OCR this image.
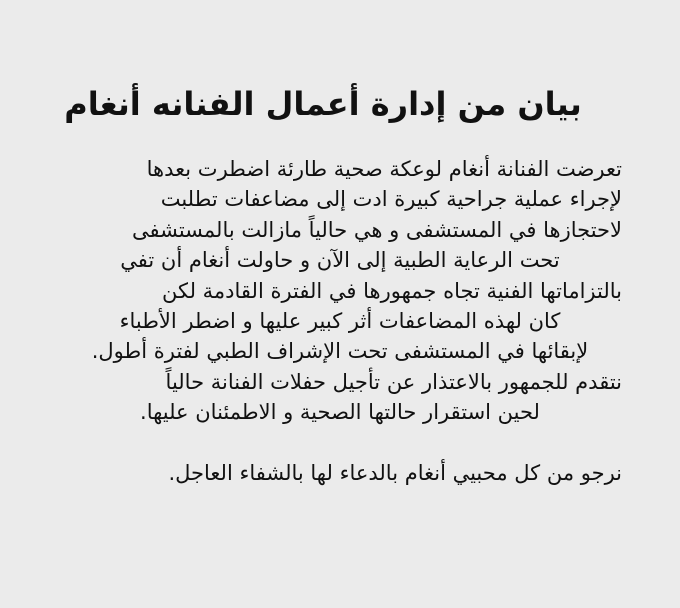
بيان من إدارة أعمال الفنانه أنغام
تعرضت الفنانة أنغام لوعكة صحية طارئة اضطرت بعدها
لإجراء عملية جراحية كبيرة ادت إلى مضاعفات تطلبت
لاحتجازها في المستشفى و هي حالياً مازالت بالمستشفى
تحت الرعاية الطبية إلى الآن و حاولت أنغام أن تفي
بالتزاماتها الفنية تجاه جمهورها في الفترة القادمة لكن
كان لهذه المضاعفات أثر كبير عليها و اضطر الأطباء
لإبقائها في المستشفى تحت الإشراف الطبي لفترة أطول.
نتقدم للجمهور بالاعتذار عن تأجيل حفلات الفنانة حالياً
لحين استقرار حالتها الصحية و الاطمئنان عليها.
نرجو من كل محبيي أنغام بالدعاء لها بالشفاء العاجل.
